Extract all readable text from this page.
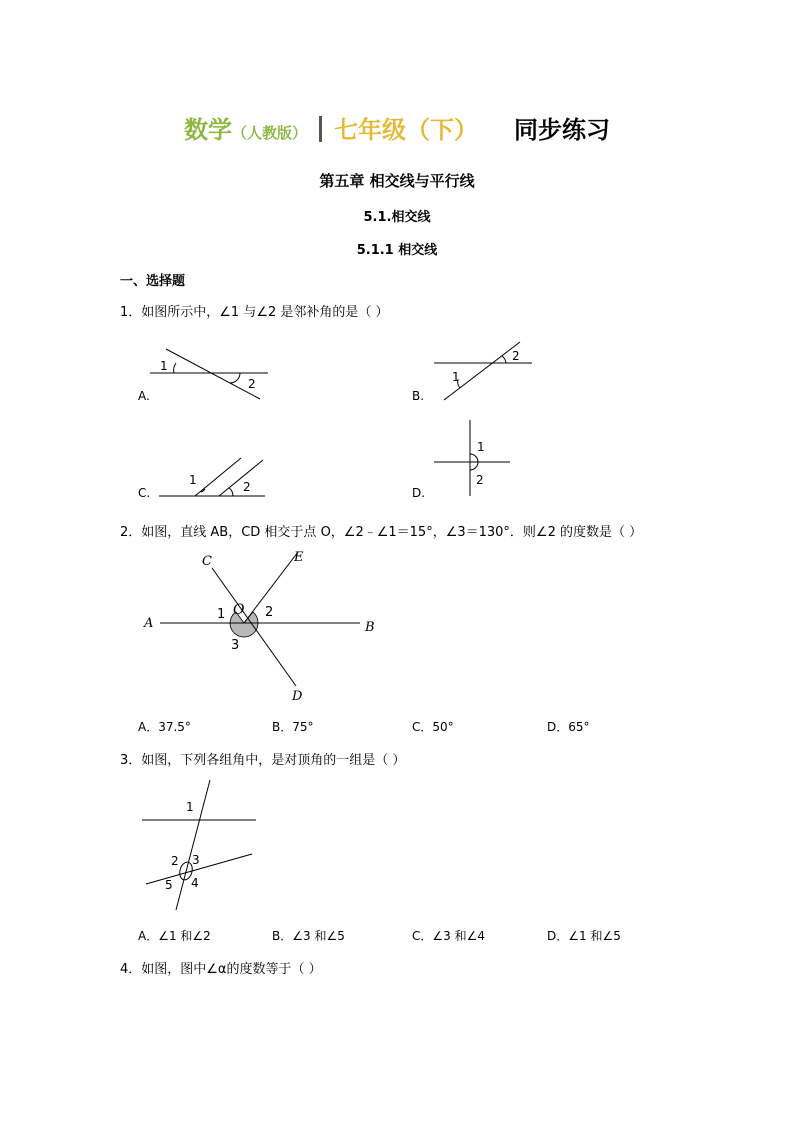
数学（人教版） 七年级（下） 同步练习
第五章 相交线与平行线
5.1.相交线
5.1.1 相交线
一、选择题
1．如图所示中，∠1 与∠2 是邻补角的是（ ）
1
2
A.
2
1
B.
1	2
C.
1
2
D.
2．如图，直线 AB，CD 相交于点 O，∠2﹣∠1＝15°，∠3＝130°．则∠2 的度数是（ ）
A	B
C
D
E
O
1	2
3
A．37.5°	B．75°	C．50°	D．65°
3．如图，下列各组角中，是对顶角的一组是（ ）
1
2 3
4
5
A．∠1 和∠2	B．∠3 和∠5	C．∠3 和∠4	D．∠1 和∠5
4．如图，图中∠α的度数等于（ ）
